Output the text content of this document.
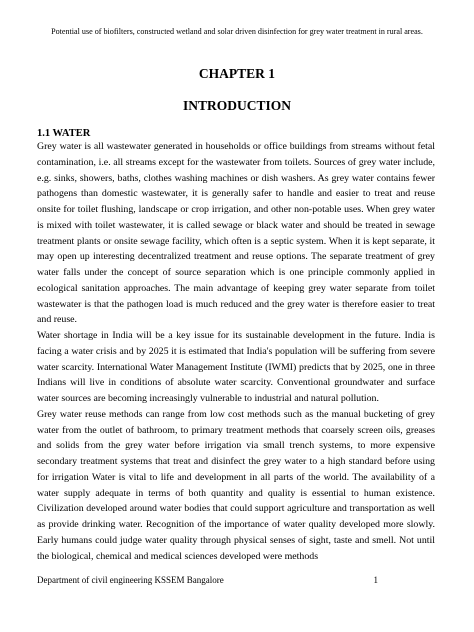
Potential use of biofilters, constructed wetland and solar driven disinfection for grey water treatment in rural areas.
CHAPTER 1
INTRODUCTION
1.1 WATER

Grey water is all wastewater generated in households or office buildings from streams without fetal contamination, i.e. all streams except for the wastewater from toilets. Sources of grey water include, e.g. sinks, showers, baths, clothes washing machines or dish washers. As grey water contains fewer pathogens than domestic wastewater, it is generally safer to handle and easier to treat and reuse onsite for toilet flushing, landscape or crop irrigation, and other non-potable uses. When grey water is mixed with toilet wastewater, it is called sewage or black water and should be treated in sewage treatment plants or onsite sewage facility, which often is a septic system. When it is kept separate, it may open up interesting decentralized treatment and reuse options. The separate treatment of grey water falls under the concept of source separation which is one principle commonly applied in ecological sanitation approaches. The main advantage of keeping grey water separate from toilet wastewater is that the pathogen load is much reduced and the grey water is therefore easier to treat and reuse.

Water shortage in India will be a key issue for its sustainable development in the future. India is facing a water crisis and by 2025 it is estimated that India's population will be suffering from severe water scarcity. International Water Management Institute (IWMI) predicts that by 2025, one in three Indians will live in conditions of absolute water scarcity. Conventional groundwater and surface water sources are becoming increasingly vulnerable to industrial and natural pollution.

Grey water reuse methods can range from low cost methods such as the manual bucketing of grey water from the outlet of bathroom, to primary treatment methods that coarsely screen oils, greases and solids from the grey water before irrigation via small trench systems, to more expensive secondary treatment systems that treat and disinfect the grey water to a high standard before using for irrigation Water is vital to life and development in all parts of the world. The availability of a water supply adequate in terms of both quantity and quality is essential to human existence. Civilization developed around water bodies that could support agriculture and transportation as well as provide drinking water. Recognition of the importance of water quality developed more slowly. Early humans could judge water quality through physical senses of sight, taste and smell. Not until the biological, chemical and medical sciences developed were methods

Department of civil engineering KSSEM Bangalore	1
